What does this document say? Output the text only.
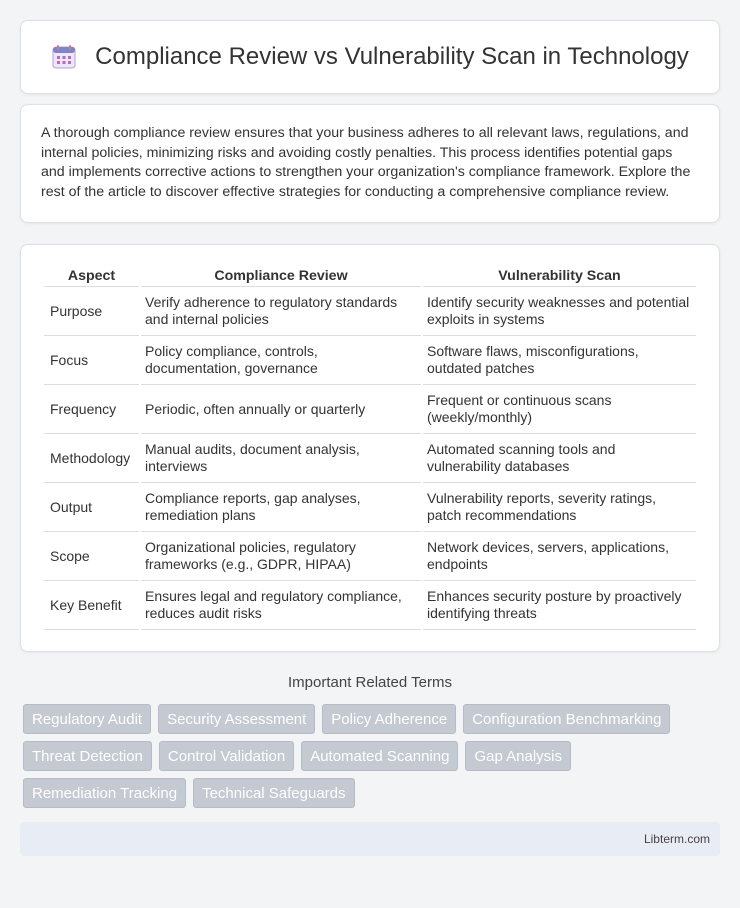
Compliance Review vs Vulnerability Scan in Technology

A thorough compliance review ensures that your business adheres to all relevant laws, regulations, and internal policies, minimizing risks and avoiding costly penalties. This process identifies potential gaps and implements corrective actions to strengthen your organization's compliance framework. Explore the rest of the article to discover effective strategies for conducting a comprehensive compliance review.

Aspect	Compliance Review	Vulnerability Scan
Purpose	Verify adherence to regulatory standards and internal policies	Identify security weaknesses and potential exploits in systems
Focus	Policy compliance, controls, documentation, governance	Software flaws, misconfigurations, outdated patches
Frequency	Periodic, often annually or quarterly	Frequent or continuous scans (weekly/monthly)
Methodology	Manual audits, document analysis, interviews	Automated scanning tools and vulnerability databases
Output	Compliance reports, gap analyses, remediation plans	Vulnerability reports, severity ratings, patch recommendations
Scope	Organizational policies, regulatory frameworks (e.g., GDPR, HIPAA)	Network devices, servers, applications, endpoints
Key Benefit	Ensures legal and regulatory compliance, reduces audit risks	Enhances security posture by proactively identifying threats
Important Related Terms
Regulatory Audit	Security Assessment	Policy Adherence	Configuration Benchmarking
Threat Detection	Control Validation	Automated Scanning	Gap Analysis
Remediation Tracking	Technical Safeguards
Libterm.com
